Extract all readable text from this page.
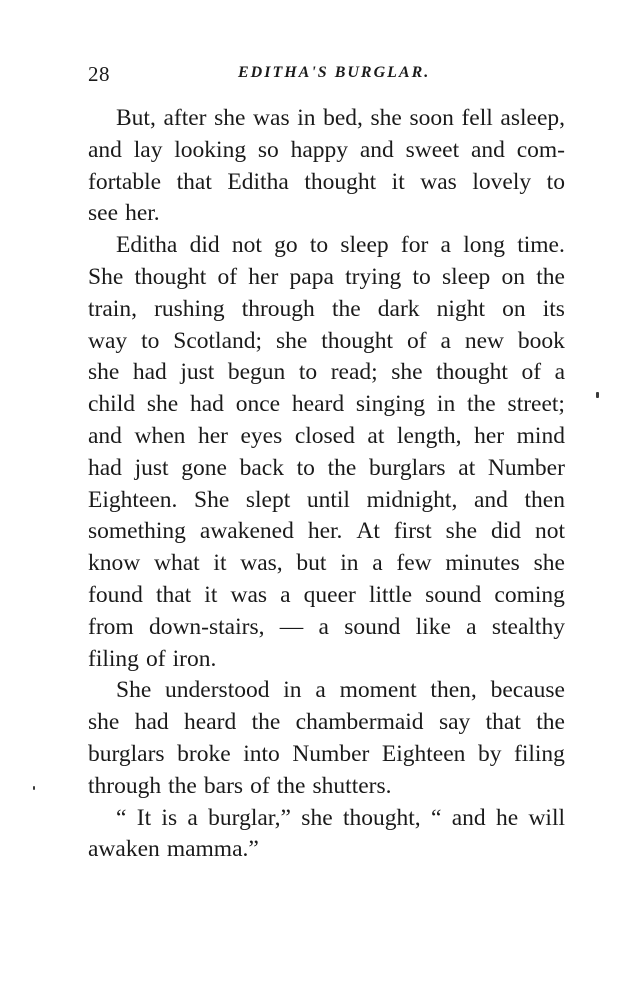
28	EDITHA'S BURGLAR.
But, after she was in bed, she soon fell asleep,
and lay looking so happy and sweet and com-
fortable that Editha thought it was lovely to
see her.
Editha did not go to sleep for a long time.
She thought of her papa trying to sleep on the
train, rushing through the dark night on its
way to Scotland; she thought of a new book
she had just begun to read; she thought of a
child she had once heard singing in the street;
and when her eyes closed at length, her mind
had just gone back to the burglars at Number
Eighteen. She slept until midnight, and then
something awakened her. At first she did not
know what it was, but in a few minutes she
found that it was a queer little sound coming
from down-stairs, — a sound like a stealthy
filing of iron.
She understood in a moment then, because
she had heard the chambermaid say that the
burglars broke into Number Eighteen by filing
through the bars of the shutters.
“ It is a burglar,” she thought, “ and he will
awaken mamma.”
